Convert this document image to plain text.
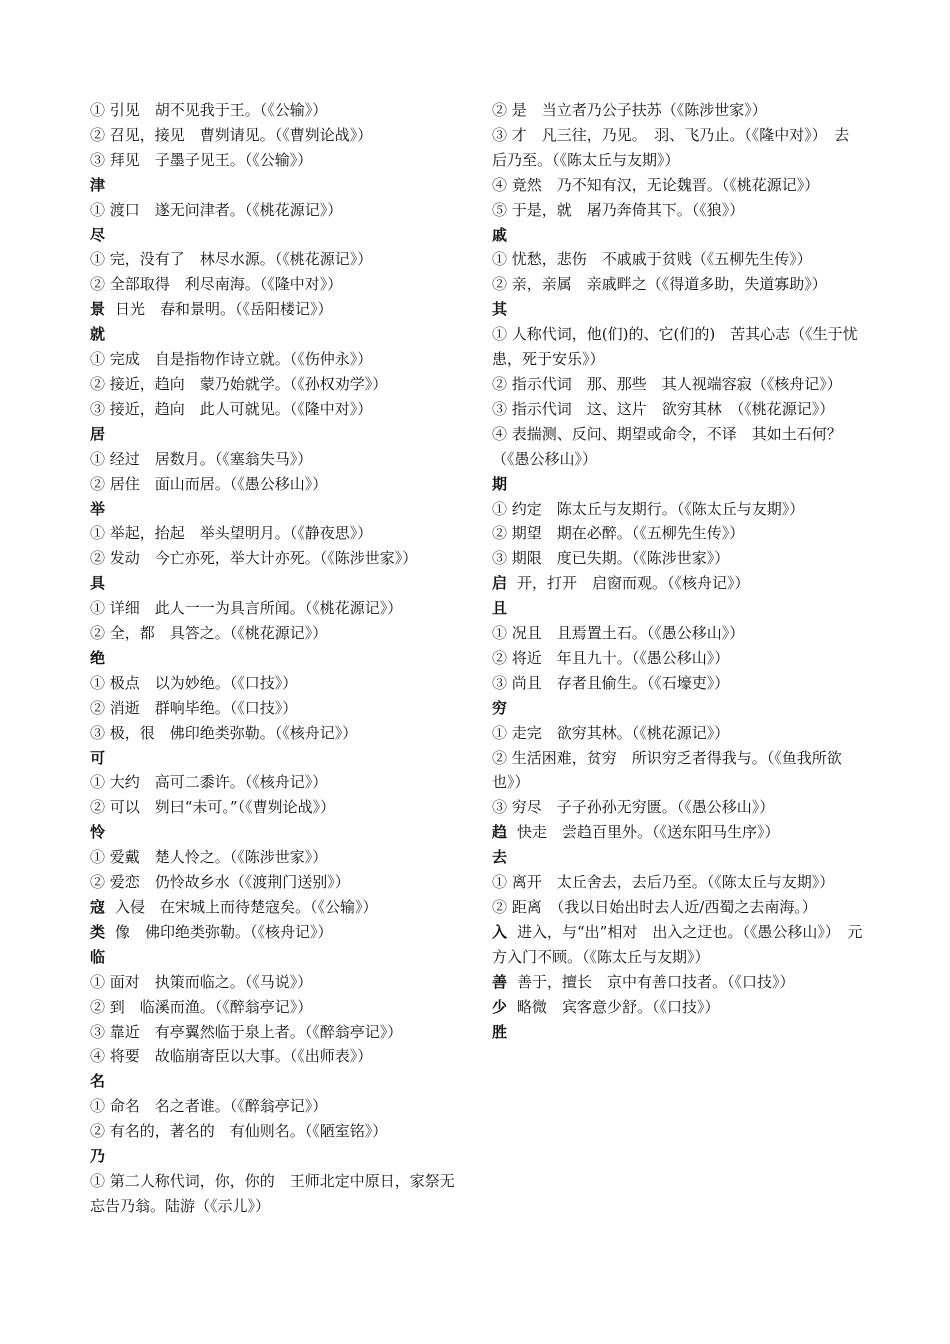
① 引见　胡不见我于王。（《公输》）
② 召见，接见　曹刿请见。（《曹刿论战》）
③ 拜见　子墨子见王。（《公输》）
津
① 渡口　遂无问津者。（《桃花源记》）
尽
① 完，没有了　林尽水源。（《桃花源记》）
② 全部取得　利尽南海。（《隆中对》）
景 日光　春和景明。（《岳阳楼记》）
就
① 完成　自是指物作诗立就。（《伤仲永》）
② 接近，趋向　蒙乃始就学。（《孙权劝学》）
③ 接近，趋向　此人可就见。（《隆中对》）
居
① 经过　居数月。（《塞翁失马》）
② 居住　面山而居。（《愚公移山》）
举
① 举起，抬起　举头望明月。（《静夜思》）
② 发动　今亡亦死，举大计亦死。（《陈涉世家》）
具
① 详细　此人一一为具言所闻。（《桃花源记》）
② 全，都　具答之。（《桃花源记》）
绝
① 极点　以为妙绝。（《口技》）
② 消逝　群响毕绝。（《口技》）
③ 极，很　佛印绝类弥勒。（《核舟记》）
可
① 大约　高可二黍许。（《核舟记》）
② 可以　刿曰“未可。”（《曹刿论战》）
怜
① 爱戴　楚人怜之。（《陈涉世家》）
② 爱恋　仍怜故乡水（《渡荆门送别》）
寇 入侵　在宋城上而待楚寇矣。（《公输》）
类 像　佛印绝类弥勒。（《核舟记》）
临
① 面对　执策而临之。（《马说》）
② 到　临溪而渔。（《醉翁亭记》）
③ 靠近　有亭翼然临于泉上者。（《醉翁亭记》）
④ 将要　故临崩寄臣以大事。（《出师表》）
名
① 命名　名之者谁。（《醉翁亭记》）
② 有名的，著名的　有仙则名。（《陋室铭》）
乃
① 第二人称代词，你，你的　王师北定中原日，家祭无忘告乃翁。陆游（《示儿》）
② 是　当立者乃公子扶苏（《陈涉世家》）
③ 才　凡三往，乃见。　羽、飞乃止。（《隆中对》）　去后乃至。（《陈太丘与友期》）
④ 竟然　乃不知有汉，无论魏晋。（《桃花源记》）
⑤ 于是，就　屠乃奔倚其下。（《狼》）
戚
① 忧愁，悲伤　不戚戚于贫贱（《五柳先生传》）
② 亲，亲属　亲戚畔之（《得道多助，失道寡助》）
其
① 人称代词，他(们)的、它(们的)　苦其心志（《生于忧患，死于安乐》）
② 指示代词　那、那些　其人视端容寂（《核舟记》）
③ 指示代词　这、这片　欲穷其林　（《桃花源记》）
④ 表揣测、反问、期望或命令，不译　其如土石何？（《愚公移山》）
期
① 约定　陈太丘与友期行。（《陈太丘与友期》）
② 期望　期在必醉。（《五柳先生传》）
③ 期限　度已失期。（《陈涉世家》）
启 开，打开　启窗而观。（《核舟记》）
且
① 况且　且焉置土石。（《愚公移山》）
② 将近　年且九十。（《愚公移山》）
③ 尚且　存者且偷生。（《石壕吏》）
穷
① 走完　欲穷其林。（《桃花源记》）
② 生活困难，贫穷　所识穷乏者得我与。（《鱼我所欲也》）
③ 穷尽　子子孙孙无穷匮。（《愚公移山》）
趋 快走　尝趋百里外。（《送东阳马生序》）
去
① 离开　太丘舍去，去后乃至。（《陈太丘与友期》）
② 距离　（我以日始出时去人近/西蜀之去南海。）
入 进入，与“出”相对　出入之迂也。（《愚公移山》）　元方入门不顾。（《陈太丘与友期》）
善 善于，擅长　京中有善口技者。（《口技》）
少 略微　宾客意少舒。（《口技》）
胜
